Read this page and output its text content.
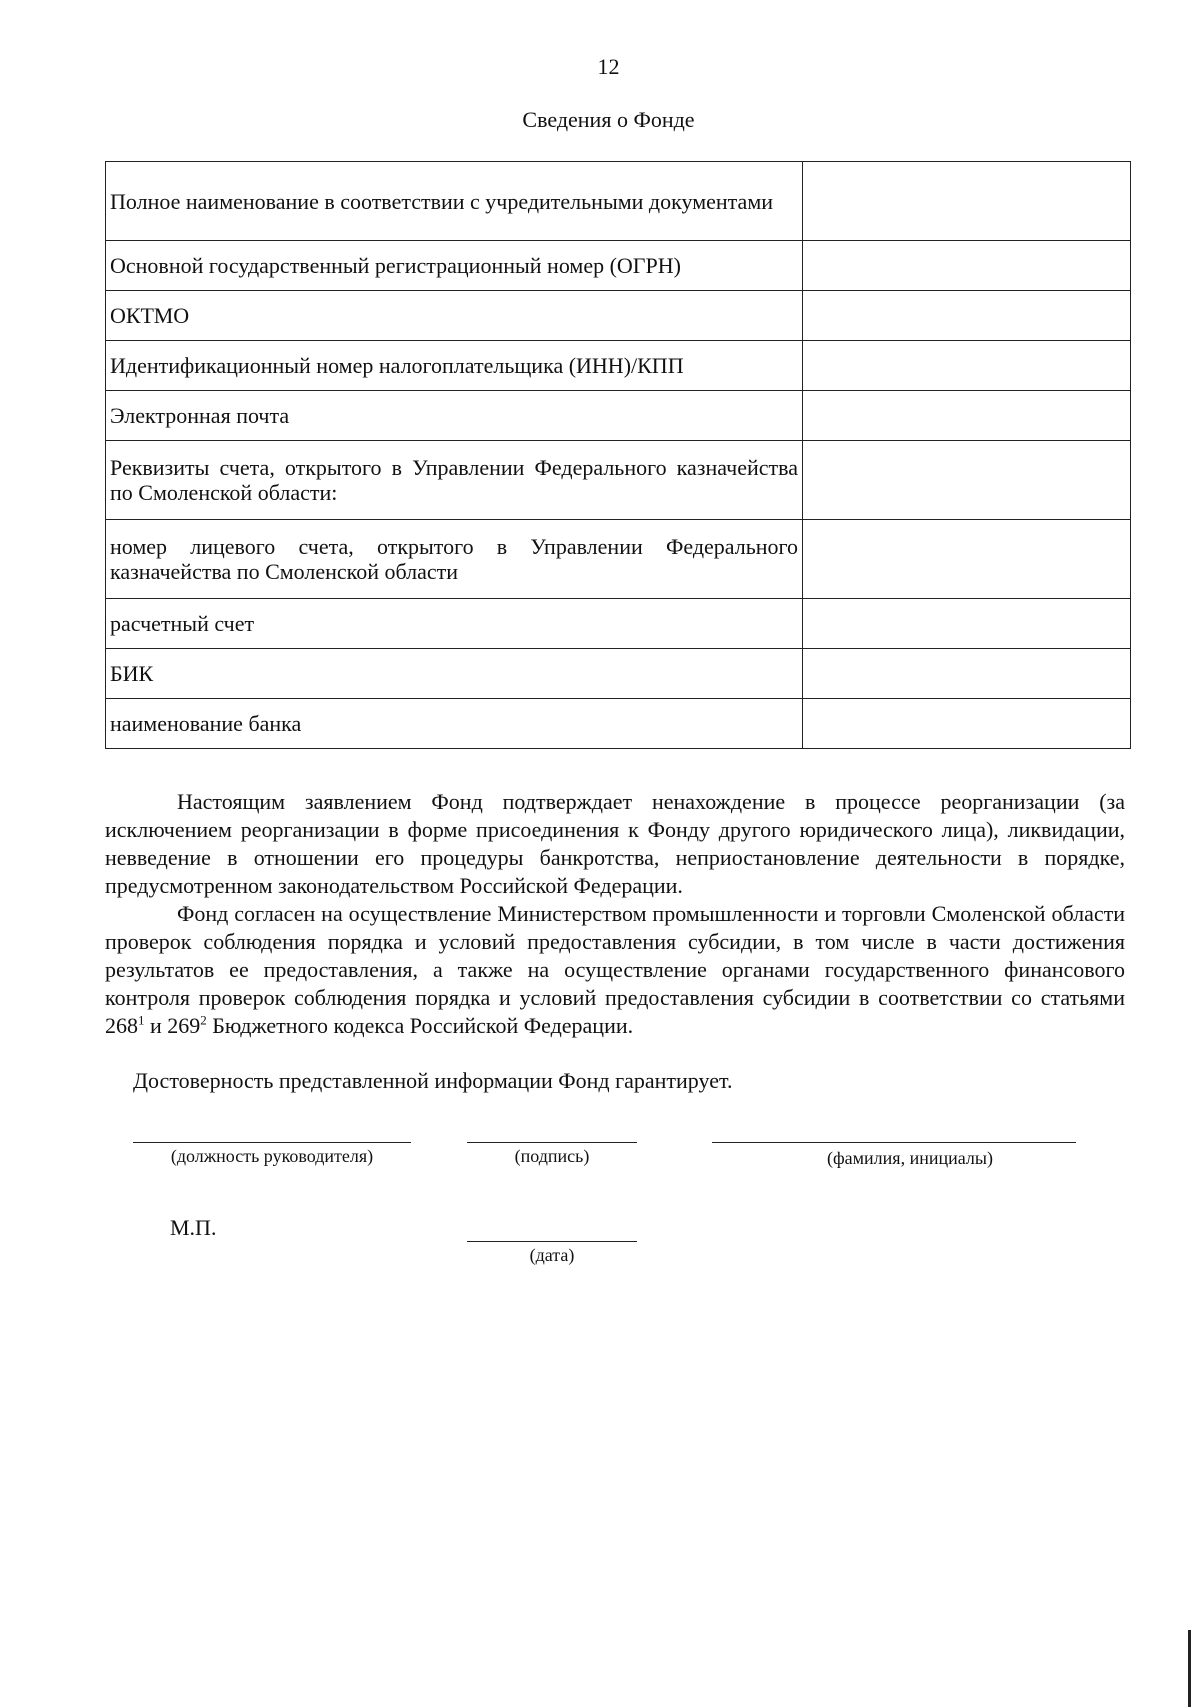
12
Сведения о Фонде
Полное наименование в соответствии с учредительными документами	
Основной государственный регистрационный номер (ОГРН)	
ОКТМО	
Идентификационный номер налогоплательщика (ИНН)/КПП	
Электронная почта	
Реквизиты счета, открытого в Управлении Федерального казначейства по Смоленской области:	
номер лицевого счета, открытого в Управлении Федерального казначейства по Смоленской области	
расчетный счет	
БИК	
наименование банка	

Настоящим заявлением Фонд подтверждает ненахождение в процессе реорганизации (за исключением реорганизации в форме присоединения к Фонду другого юридического лица), ликвидации, невведение в отношении его процедуры банкротства, неприостановление деятельности в порядке, предусмотренном законодательством Российской Федерации.

Фонд согласен на осуществление Министерством промышленности и торговли Смоленской области проверок соблюдения порядка и условий предоставления субсидии, в том числе в части достижения результатов ее предоставления, а также на осуществление органами государственного финансового контроля проверок соблюдения порядка и условий предоставления субсидии в соответствии со статьями $268^1$ и $269^2$ Бюджетного кодекса Российской Федерации.

Достоверность представленной информации Фонд гарантирует.
(должность руководителя)	(подпись)	(фамилия, инициалы)
М.П.
(дата)
